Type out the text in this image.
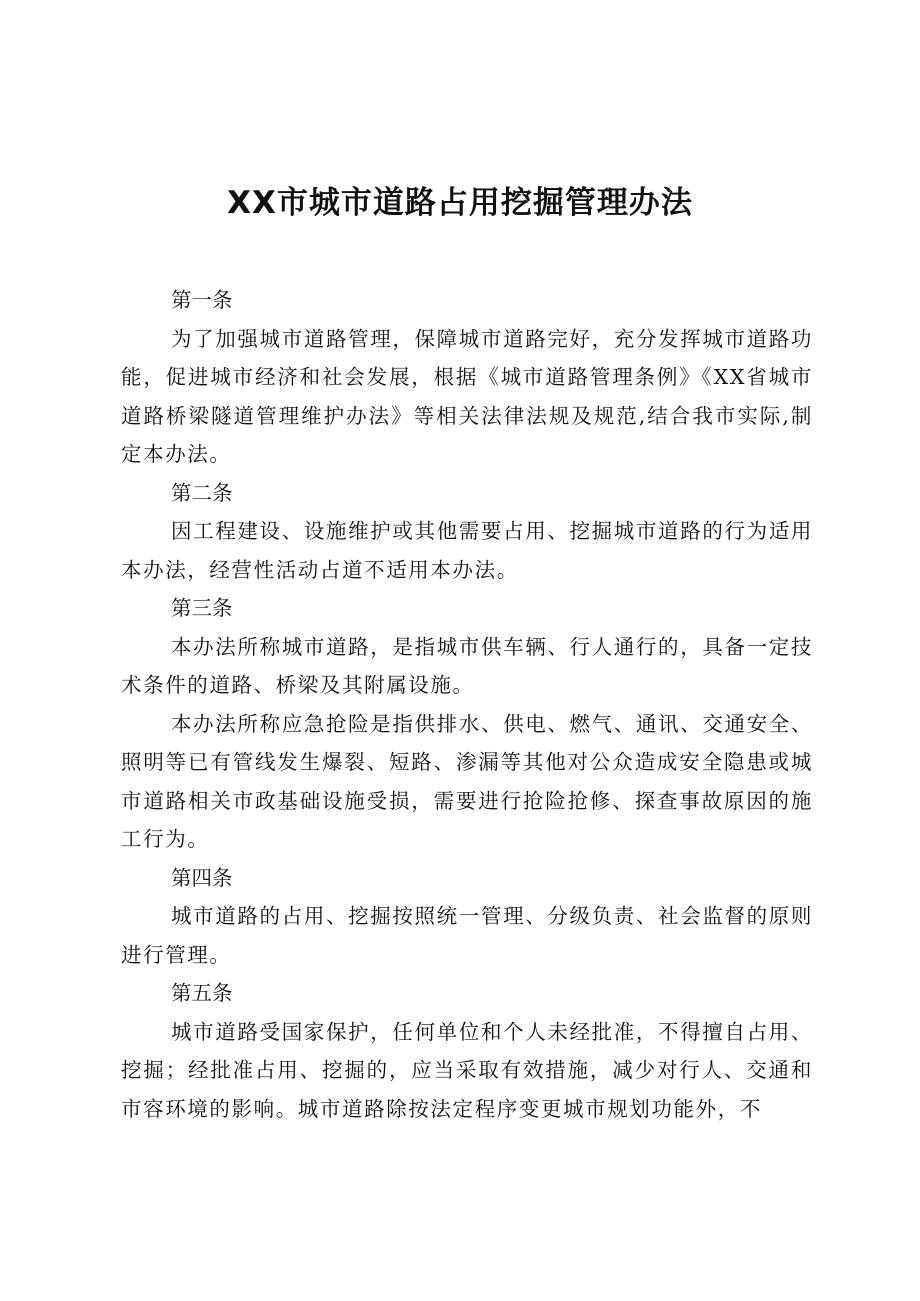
XX市城市道路占用挖掘管理办法

第一条

为了加强城市道路管理，保障城市道路完好，充分发挥城市道路功能，促进城市经济和社会发展，根据《城市道路管理条例》《XX省城市道路桥梁隧道管理维护办法》等相关法律法规及规范,结合我市实际,制定本办法。

第二条

因工程建设、设施维护或其他需要占用、挖掘城市道路的行为适用本办法，经营性活动占道不适用本办法。

第三条

本办法所称城市道路，是指城市供车辆、行人通行的，具备一定技术条件的道路、桥梁及其附属设施。

本办法所称应急抢险是指供排水、供电、燃气、通讯、交通安全、照明等已有管线发生爆裂、短路、渗漏等其他对公众造成安全隐患或城市道路相关市政基础设施受损，需要进行抢险抢修、探查事故原因的施工行为。

第四条

城市道路的占用、挖掘按照统一管理、分级负责、社会监督的原则进行管理。

第五条

城市道路受国家保护，任何单位和个人未经批准，不得擅自占用、挖掘；经批准占用、挖掘的，应当采取有效措施，减少对行人、交通和市容环境的影响。城市道路除按法定程序变更城市规划功能外，不
